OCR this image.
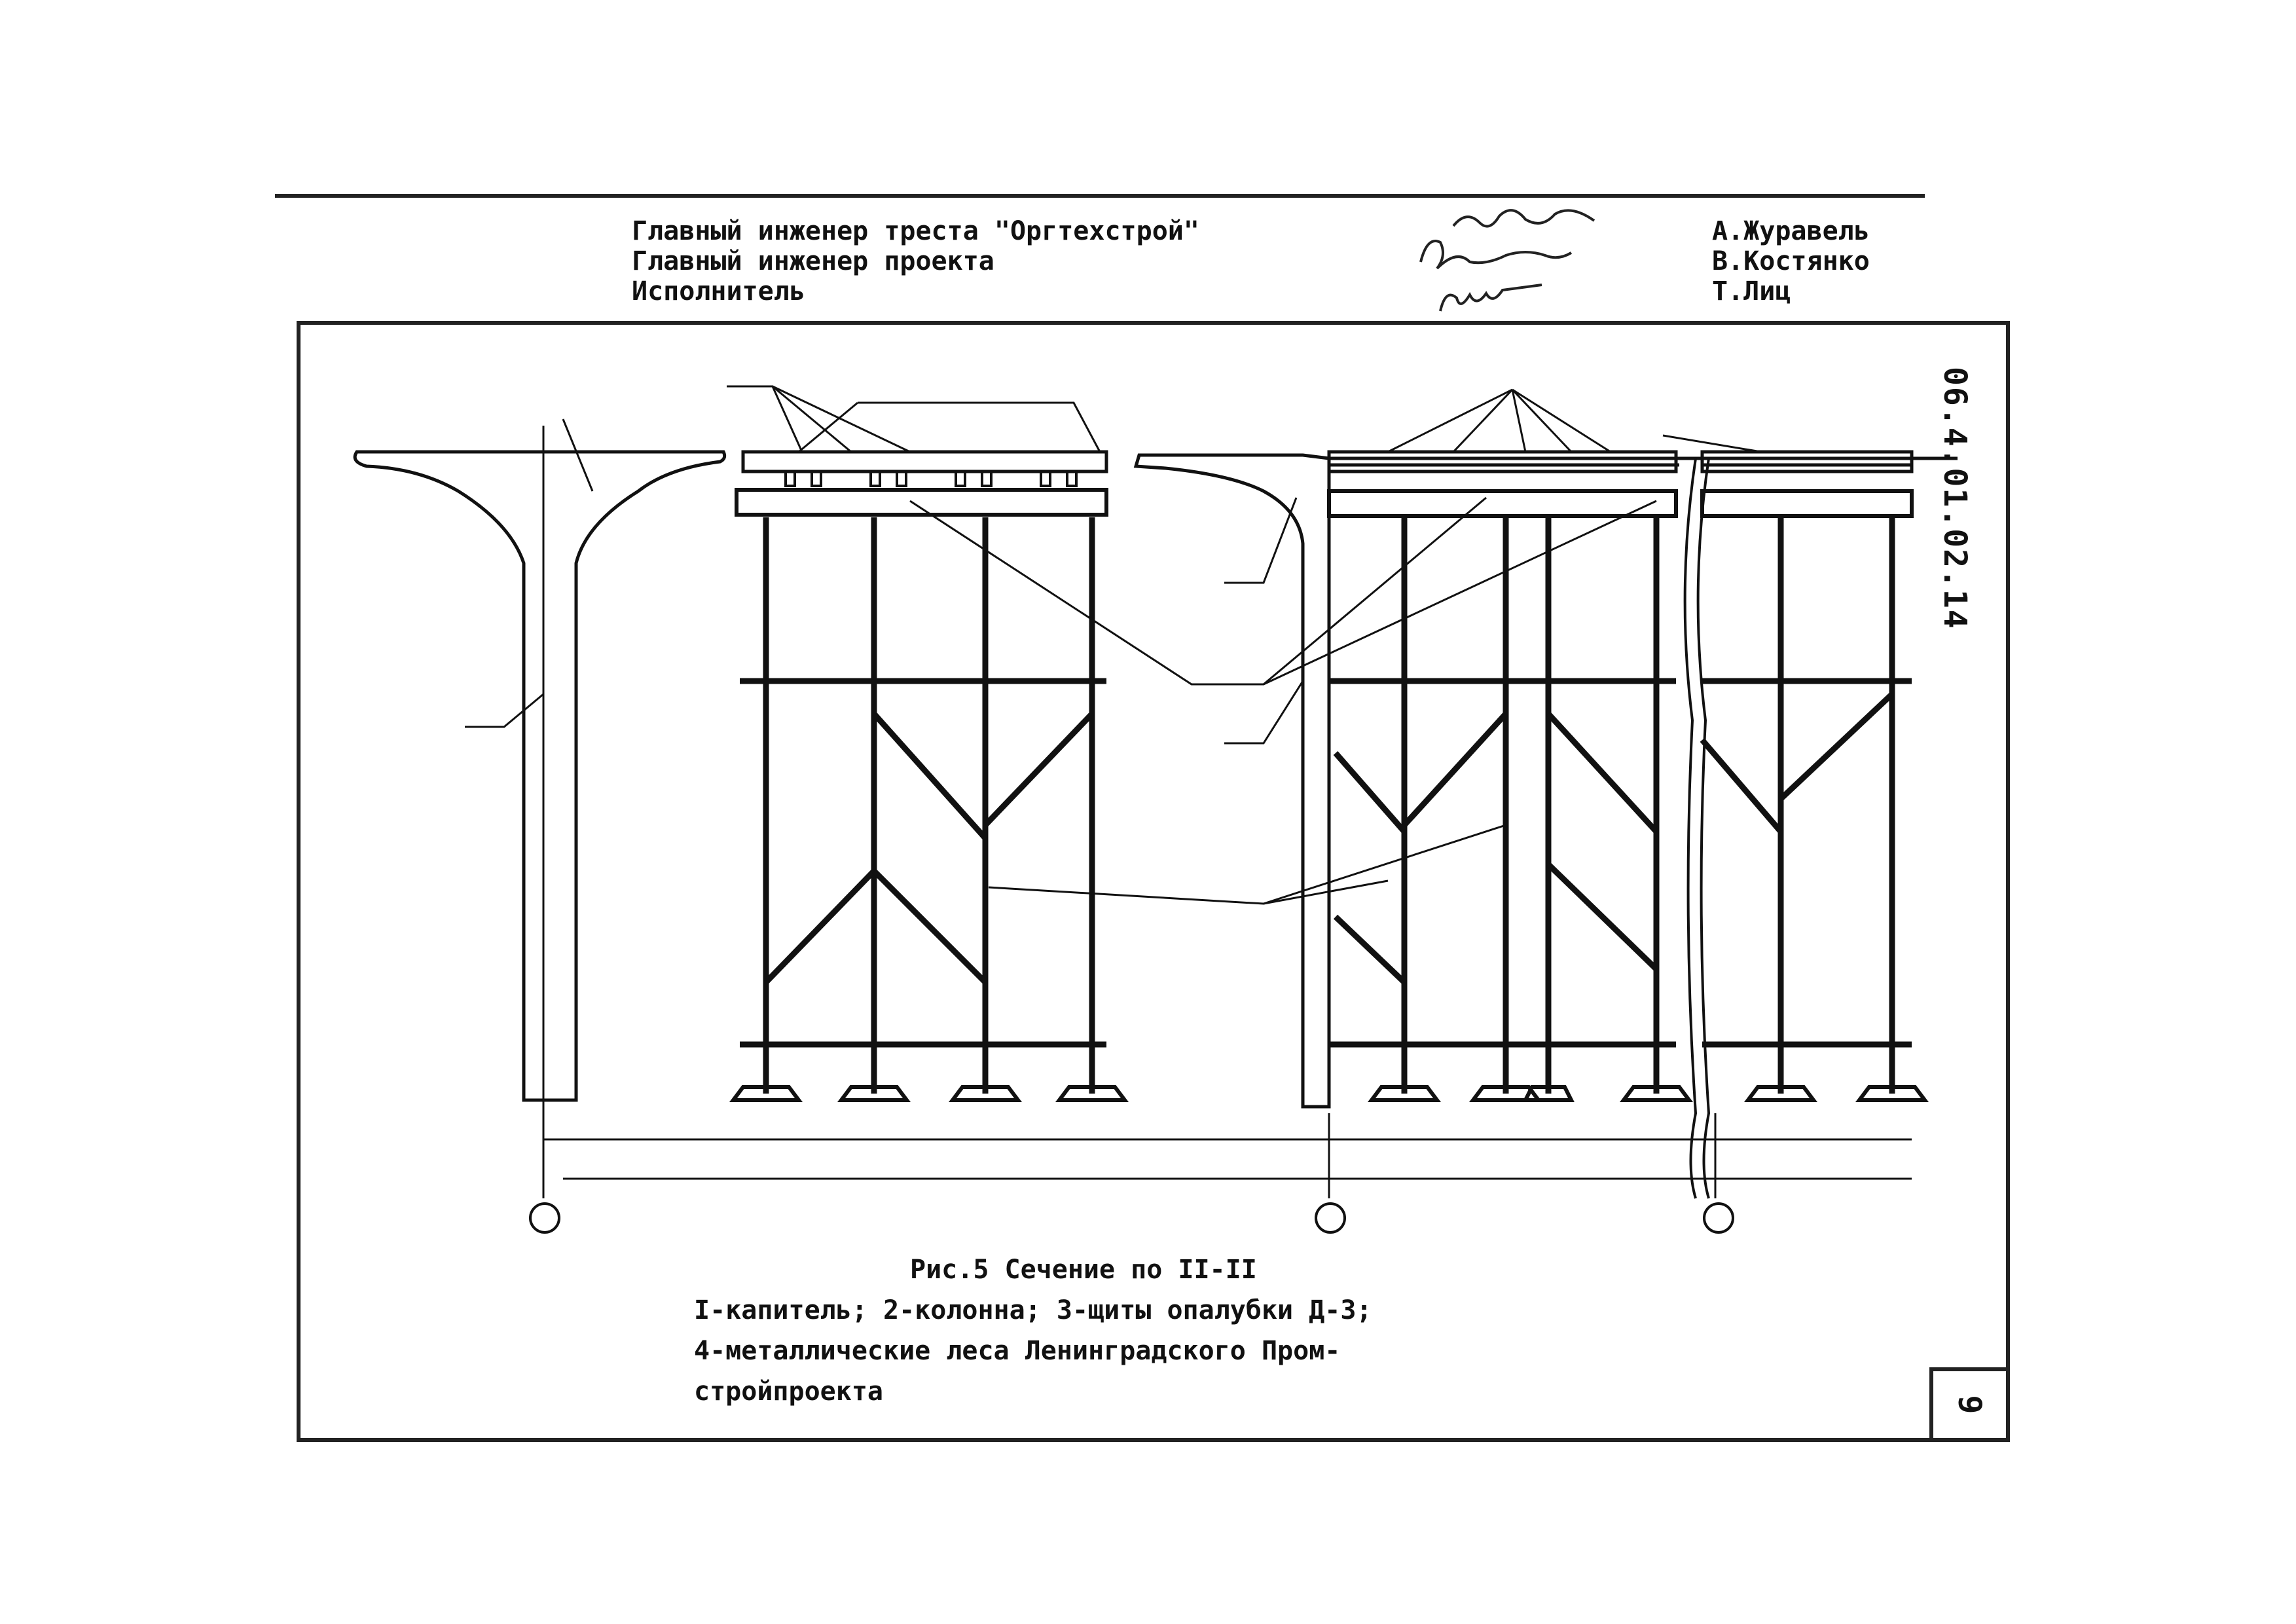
Главный инженер треста "Оргтехстрой"
Главный инженер проекта
Исполнитель
А.Журавель
В.Костянко
Т.Лиц
06.4.01.02.14
9
Рис.5 Сечение по II-II
I-капитель; 2-колонна; 3-щиты опалубки Д-3;
4-металлические леса Ленинградского Пром-
стройпроекта
